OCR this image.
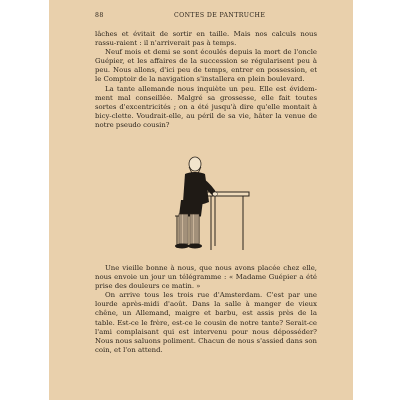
88	CONTES DE PANTRUCHE

lâches et évitait de sortir en taille. Mais nos calculs nous rassu-raient : il n'arriverait pas à temps.

Neuf mois et demi se sont écoulés depuis la mort de l'oncle Guépier, et les affaires de la succession se régularisent peu à peu. Nous allons, d'ici peu de temps, entrer en possession, et le Comptoir de la navigation s'installera en plein boulevard.

La tante allemande nous inquiète un peu. Elle est évidem-ment mal conseillée. Malgré sa grossesse, elle fait toutes sortes d'excentricités ; on a été jusqu'à dire qu'elle montait à bicy-clette. Voudrait-elle, au péril de sa vie, hâter la venue de notre pseudo cousin?

Une vieille bonne à nous, que nous avons placée chez elle, nous envoie un jour un télégramme : « Madame Guépier a été prise des douleurs ce matin. »

On arrive tous les trois rue d'Amsterdam. C'est par une lourde après-midi d'août. Dans la salle à manger de vieux chêne, un Allemand, maigre et barbu, est assis près de la table. Est-ce le frère, est-ce le cousin de notre tante? Serait-ce l'ami complaisant qui est intervenu pour nous déposséder? Nous nous saluons poliment. Chacun de nous s'assied dans son coin, et l'on attend.
